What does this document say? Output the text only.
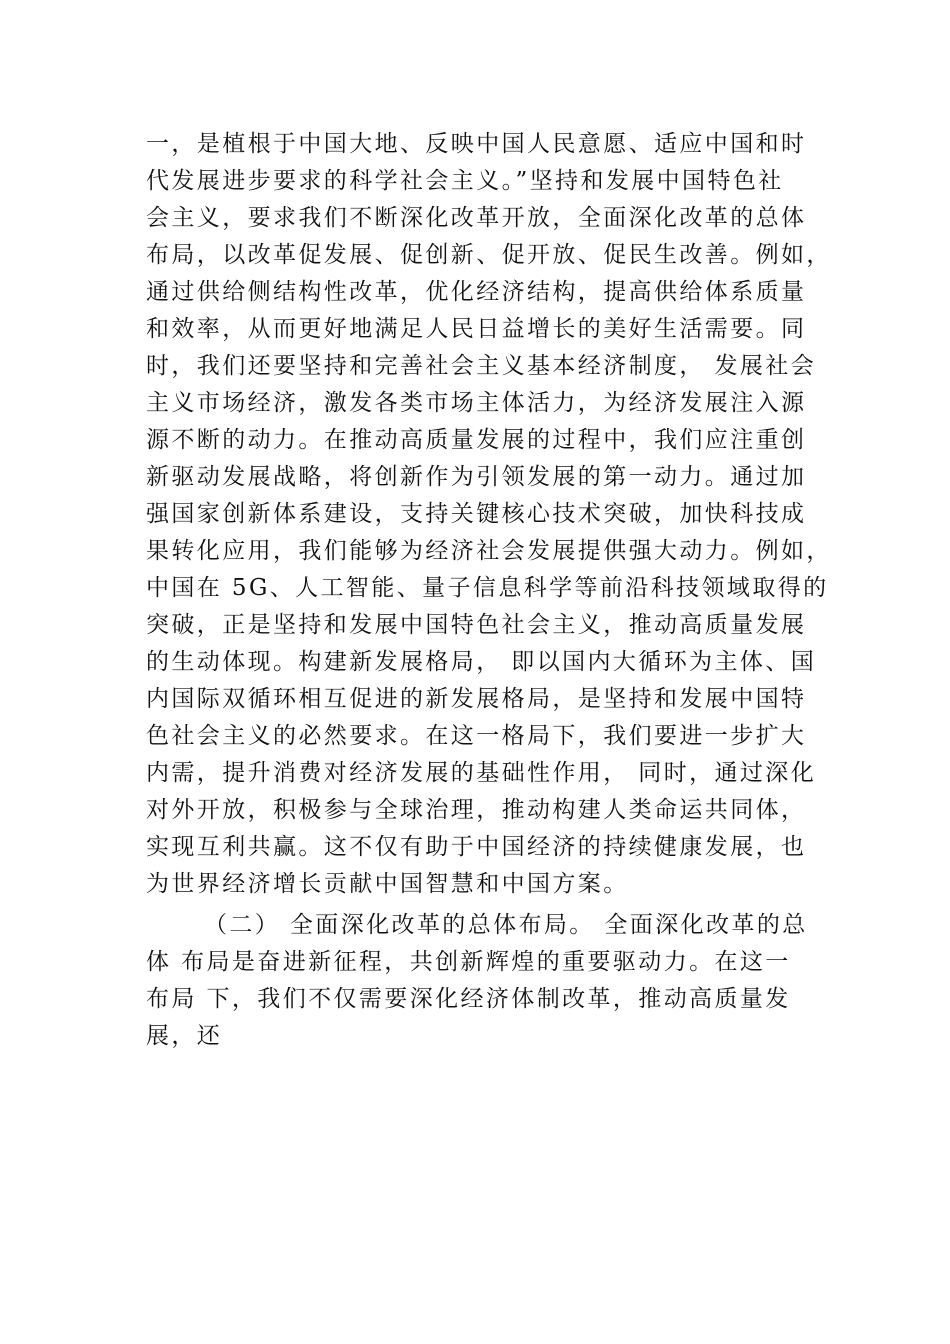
一，是植根于中国大地、反映中国人民意愿、适应中国和时
代发展进步要求的科学社会主义。”坚持和发展中国特色社
会主义，要求我们不断深化改革开放，全面深化改革的总体
布局，以改革促发展、促创新、促开放、促民生改善。例如，
通过供给侧结构性改革，优化经济结构，提高供给体系质量
和效率，从而更好地满足人民日益增长的美好生活需要。同
时，我们还要坚持和完善社会主义基本经济制度， 发展社会
主义市场经济，激发各类市场主体活力，为经济发展注入源
源不断的动力。在推动高质量发展的过程中，我们应注重创
新驱动发展战略，将创新作为引领发展的第一动力。通过加
强国家创新体系建设，支持关键核心技术突破，加快科技成
果转化应用，我们能够为经济社会发展提供强大动力。例如，
中国在 5G、人工智能、量子信息科学等前沿科技领域取得的
突破，正是坚持和发展中国特色社会主义，推动高质量发展
的生动体现。构建新发展格局， 即以国内大循环为主体、国
内国际双循环相互促进的新发展格局，是坚持和发展中国特
色社会主义的必然要求。在这一格局下，我们要进一步扩大
内需，提升消费对经济发展的基础性作用， 同时，通过深化
对外开放，积极参与全球治理，推动构建人类命运共同体，
实现互利共赢。这不仅有助于中国经济的持续健康发展，也
为世界经济增长贡献中国智慧和中国方案。
（二） 全面深化改革的总体布局。 全面深化改革的总
体 布局是奋进新征程，共创新辉煌的重要驱动力。在这一
布局 下，我们不仅需要深化经济体制改革，推动高质量发
展，还
